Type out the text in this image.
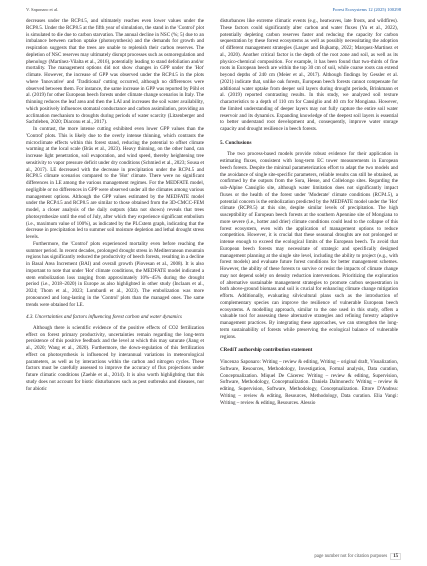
V. Saponaro et al.	Forest Ecosystems 12 (2025) 100298

decreases under the RCP4.5, and ultimately reaches even lower values under the RCP8.5. Under the RCP8.5 at the fifth year of simulation, the stand in the 'Control' plot is simulated to die due to carbon starvation. The annual decline in NSC (%; 5) due to an imbalance between carbon uptake (photosynthesis) and the demands for growth and respiration suggests that the trees are unable to replenish their carbon reserves. The depletion of NSC reserves may ultimately disrupt processes such as osmoregulation and phenology (Martínez-Vilalta et al., 2016), potentially leading to stand defoliation and/or mortality. The management options did not show changes in GPP under the 'Hot' climate. However, the increase of GPP was observed under the RCP4.5 in the plots where 'Innovative' and 'Traditional' cutting occurred, although no differences were observed between them. For instance, the same increase in GPP was reported by Pöhl et al. (2019) for other European beech forests under climate change scenarios in Italy. The thinning reduces the leaf area and then the LAI and increases the soil water availability, which positively influences stomatal conductance and carbon assimilation, providing an acclimation mechanism to droughts during periods of water scarcity (Litzenberger and Sachtleben, 2020; Diaconu et al., 2017).

In contrast, the more intense cutting exhibited even lower GPP values than the 'Control' plots. This is likely due to the overly intense thinning, which contrasts the microclimate effects within this forest stand, reducing the potential to offset climate warming at the local scale (Bräs et al., 2023). Heavy thinning, on the other hand, can increase light penetration, soil evaporation, and wind speed, thereby heightening tree sensitivity to vapor pressure deficit under dry conditions (Schmied et al., 2023; Sousa et al., 2017). LE decreased with the decrease in precipitation under the RCP4.5 and RCP8.5 climate scenarios compared to the 'Hot' climate. There were no significant differences in LE among the various management regimes. For the MEDFATE model, negligible or no differences in GPP were observed under all the climates among various management options. Although the GPP values estimated by the MEDFATE model under the RCP4.5 and RCP8.5 are similar to those obtained from the 3D-CMCC-FEM model, a closer analysis of the daily outputs (data not shown) reveals that trees photosynthesize until the end of July, after which they experience significant embolism (i.e., maximum value of 100%), as indicated by the PLCstem graph, indicating that the decrease in precipitation led to summer soil moisture depletion and lethal drought stress levels.

Furthermore, the 'Control' plots experienced mortality even before reaching the summer period. In recent decades, prolonged drought stress in Mediterranean mountain regions has significantly reduced the productivity of beech forests, resulting in a decline in Basal Area Increment (BAI) and overall growth (Piovesan et al., 2008). It is also important to note that under 'Hot' climate conditions, the MEDFATE model indicated a stem embolization loss ranging from approximately 10%–45% during the drought period (i.e., 2018–2020) in Europe as also highlighted in other study (Inclaars et al., 2024; Thom et al., 2023; Lombardi et al., 2023). The embolization was more pronounced and long-lasting in the 'Control' plots than the managed ones. The same trends were obtained for LE.

4.3. Uncertainties and factors influencing forest carbon and water dynamics

Although there is scientific evidence of the positive effects of CO2 fertilization effect on forest primary productivity, uncertainties remain regarding the long-term persistence of this positive feedback and the level at which this may saturate (Jiang et al., 2020; Wang et al., 2020). Furthermore, the down-regulation of this fertilization effect on photosynthesis is influenced by interannual variations in meteorological parameters, as well as by interactions within the carbon and nitrogen cycles. These factors must be carefully assessed to improve the accuracy of flux projections under future climatic conditions (Zaehle et al., 2014). It is also worth highlighting that this study does not account for biotic disturbances such as pest outbreaks and diseases, nor for abiotic

disturbances like extreme climatic events (e.g., heatwaves, late frosts, and wildfires). These factors could significantly alter carbon and water fluxes (Yu et al., 2022), potentially depleting carbon reserves faster and reducing the capacity for carbon sequestration by these forest ecosystems as well as possibly necessitating the adoption of different management strategies (Lasger and Bujkamp, 2022; Marquez-Martinez et al., 2020). Another critical factor is the depth of the root zone and soil, as well as its physico-chemical composition. For example, it has been found that two-thirds of fine roots in European beech are within the top 30 cm of soil, while coarse roots can extend beyond depths of 240 cm (Meier et al., 2017). Although findings by Gessler et al. (2021) indicate that, unlike oak forests, European beech forests cannot compensate for additional water uptake from deeper soil layers during drought periods, Brinkmann et al. (2019) reported contrasting results. In this study, we analyzed soil texture characteristics to a depth of 110 cm for Cansiglio and 40 cm for Mongiana. However, the limited understanding of deeper layers may not fully capture the entire soil water reservoir and its dynamics. Expanding knowledge of the deepest soil layers is essential to better understand root development and, consequently, improve water storage capacity and drought resilience in beech forests.

5. Conclusions

The two process-based models provide robust evidence for their application in estimating fluxes, consistent with long-term EC tower measurements in European beech forests. Despite the minimal parameterization effort to adapt the two models and the avoidance of single site-specific parameters, reliable results can still be obtained, as confirmed by the outputs from the Sora, Hesse, and Collelongo sites. Regarding the sub-Alpine Cansiglio site, although water limitation does not significantly impact fluxes or the health of the forest under 'Moderate' climate conditions (RCP4.5), a potential concern is the embolization predicted by the MEDFATE model under the 'Hot' climate (RCP8.5) at this site, despite similar levels of precipitation. The high susceptibility of European beech forests at the southern Apennine site of Mongiana to more severe (i.e., hotter and drier) climate conditions could lead to the collapse of this forest ecosystem, even with the application of management options to reduce competition. However, it is crucial that these seasonal droughts are not prolonged or intense enough to exceed the ecological limits of the European beech. To avoid that European beech forests may necessitate of strategic and specifically designed management planning at the single site level, including the ability to project (e.g., with forest models) and evaluate future forest conditions for better management schemes. However, the ability of these forests to survive or resist the impacts of climate change may not depend solely on density reduction interventions. Prioritizing the exploration of alternative sustainable management strategies to promote carbon sequestration in both above-ground biomass and soil is crucial for enhancing climate change mitigation efforts. Additionally, evaluating silvicultural plans such as the introduction of complementary species can improve the resilience of vulnerable European beech ecosystems. A modelling approach, similar to the one used in this study, offers a valuable tool for assessing these alternative strategies and refining forestry adaptive management practices. By integrating these approaches, we can strengthen the long-term sustainability of forests while preserving the ecological balance of vulnerable regions.

CRediT authorship contribution statement

Vincenzo Saponaro: Writing – review & editing, Writing – original draft, Visualization, Software, Resources, Methodology, Investigation, Formal analysis, Data curation, Conceptualization. Miquel De Cáceres: Writing – review & editing, Supervision, Software, Methodology, Conceptualization. Daniela Dalmonech: Writing – review & editing, Supervision, Software, Methodology, Conceptualization. Ettore D'Andrea: Writing – review & editing, Resources, Methodology, Data curation. Elia Vangi: Writing – review & editing, Resources. Alessio

page number not for citation purposes	15
